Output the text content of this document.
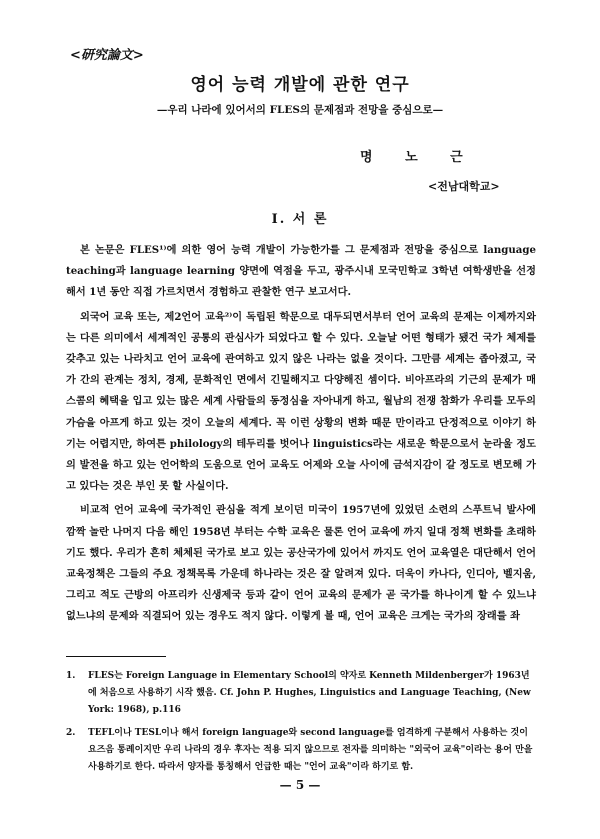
<研究論文>
영어 능력 개발에 관한 연구
—우리 나라에 있어서의 FLES의 문제점과 전망을 중심으로—
명 노 근
<전남대학교>
I. 서 론

본 논문은 FLES¹⁾에 의한 영어 능력 개발이 가능한가를 그 문제점과 전망을 중심으로 language teaching과 language learning 양면에 역점을 두고, 광주시내 모국민학교 3학년 여학생반을 선정해서 1년 동안 직접 가르치면서 경험하고 관찰한 연구 보고서다.

외국어 교육 또는, 제2언어 교육²⁾이 독립된 학문으로 대두되면서부터 언어 교육의 문제는 이제까지와는 다른 의미에서 세계적인 공통의 관심사가 되었다고 할 수 있다. 오늘날 어떤 형태가 됐건 국가 체제를 갖추고 있는 나라치고 언어 교육에 관여하고 있지 않은 나라는 없을 것이다. 그만큼 세계는 좁아졌고, 국가 간의 관계는 정치, 경제, 문화적인 면에서 긴밀해지고 다양해진 셈이다. 비아프라의 기근의 문제가 매스콤의 혜택을 입고 있는 많은 세계 사람들의 동정심을 자아내게 하고, 월남의 전쟁 참화가 우리를 모두의 가슴을 아프게 하고 있는 것이 오늘의 세계다. 꼭 이런 상황의 변화 때문 만이라고 단정적으로 이야기 하기는 어렵지만, 하여튼 philology의 테두리를 벗어나 linguistics라는 새로운 학문으로서 눈라울 정도의 발전을 하고 있는 언어학의 도움으로 언어 교육도 어제와 오늘 사이에 금석지감이 갈 정도로 변모해 가고 있다는 것은 부인 못 할 사실이다.

비교적 언어 교육에 국가적인 관심을 적게 보이던 미국이 1957년에 있었던 소련의 스푸트닉 발사에 깜짝 놀란 나머지 다음 해인 1958년 부터는 수학 교육은 물론 언어 교육에 까지 일대 정책 변화를 초래하기도 했다. 우리가 흔히 체체된 국가로 보고 있는 공산국가에 있어서 까지도 언어 교육열은 대단해서 언어 교육정책은 그들의 주요 정책목록 가운데 하나라는 것은 잘 알려져 있다. 더욱이 카나다, 인디아, 벨지움, 그리고 적도 근방의 아프리카 신생제국 등과 같이 언어 교육의 문제가 곧 국가를 하나이게 할 수 있느냐 없느냐의 문제와 직결되어 있는 경우도 적지 않다. 이렇게 볼 때, 언어 교육은 크게는 국가의 장래를 좌

1.	FLES는 Foreign Language in Elementary School의 약자로 Kenneth Mildenberger가 1963년에 처음으로 사용하기 시작 했음. Cf. John P. Hughes, Linguistics and Language Teaching, (New York: 1968), p.116
2.	TEFL이나 TESL이나 해서 foreign language와 second language를 엄격하게 구분해서 사용하는 것이 요즈음 통례이지만 우리 나라의 경우 후자는 적용 되지 않으므로 전자를 의미하는 "외국어 교육"이라는 용어 만을 사용하기로 한다. 따라서 양자를 통칭해서 언급한 때는 "언어 교육"이라 하기로 함.
— 5 —
